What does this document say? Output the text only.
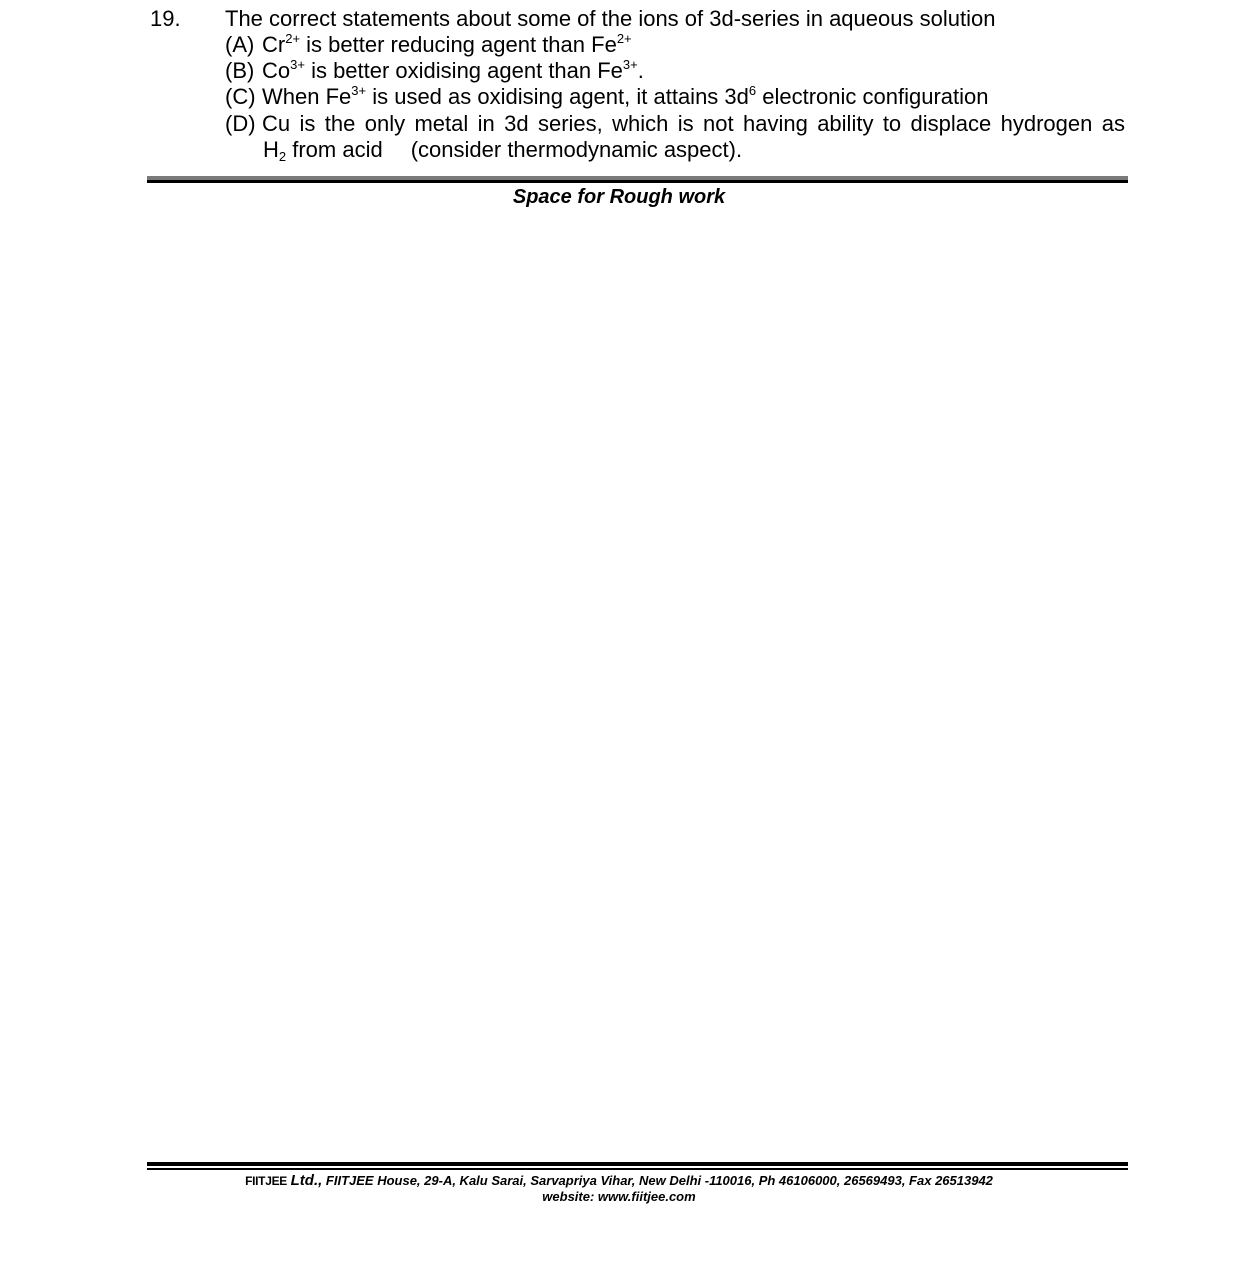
19. The correct statements about some of the ions of 3d-series in aqueous solution
(A) $Cr^{2+}$ is better reducing agent than $Fe^{2+}$
(B) $Co^{3+}$ is better oxidising agent than $Fe^{3+}$.
(C) When $Fe^{3+}$ is used as oxidising agent, it attains $3d^6$ electronic configuration
(D) Cu is the only metal in 3d series, which is not having ability to displace hydrogen as
$H_2$ from acid (consider thermodynamic aspect).
Space for Rough work
FIITJEE Ltd., FIITJEE House, 29-A, Kalu Sarai, Sarvapriya Vihar, New Delhi -110016, Ph 46106000, 26569493, Fax 26513942
website: www.fiitjee.com
